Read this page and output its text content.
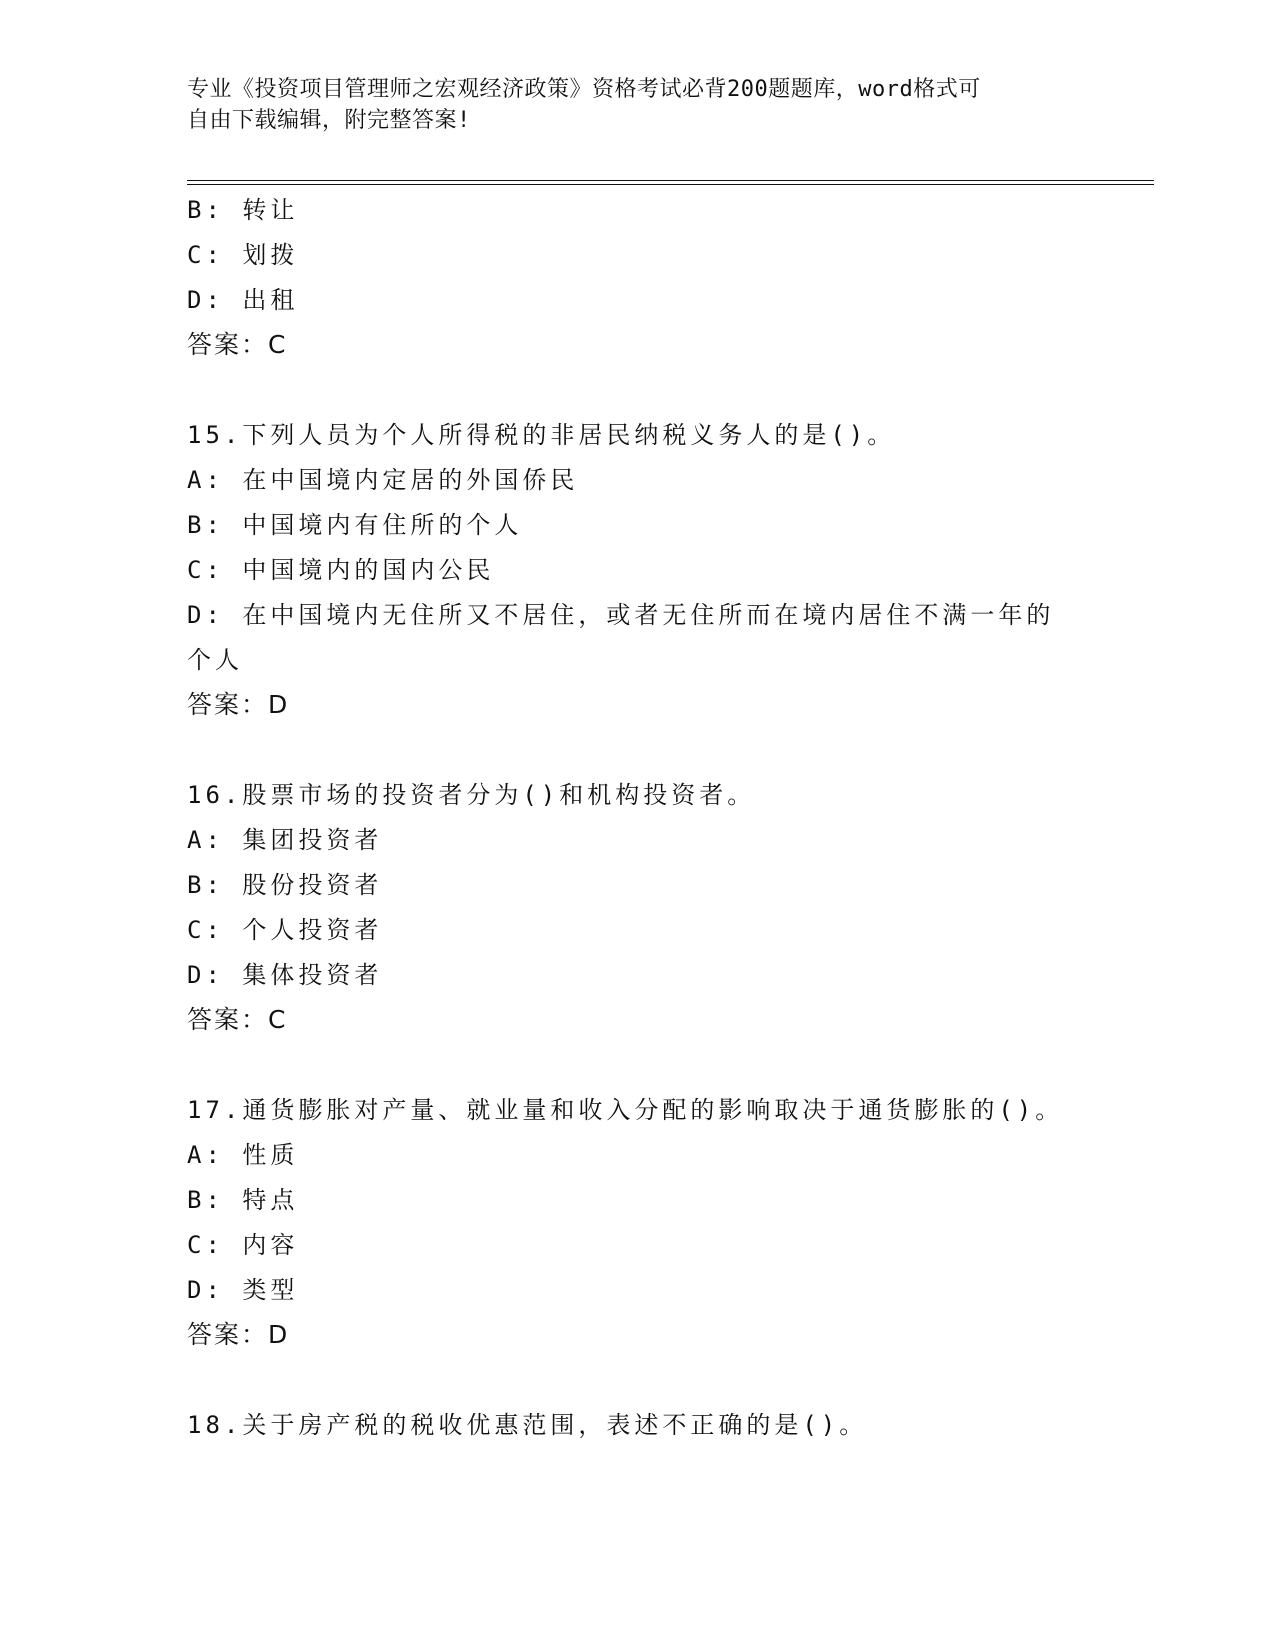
专业《投资项目管理师之宏观经济政策》资格考试必背200题题库，word格式可
自由下载编辑，附完整答案!
B: 转让
C: 划拨
D: 出租
答案：C
15.下列人员为个人所得税的非居民纳税义务人的是()。
A: 在中国境内定居的外国侨民
B: 中国境内有住所的个人
C: 中国境内的国内公民
D: 在中国境内无住所又不居住，或者无住所而在境内居住不满一年的
个人
答案：D
16.股票市场的投资者分为()和机构投资者。
A: 集团投资者
B: 股份投资者
C: 个人投资者
D: 集体投资者
答案：C
17.通货膨胀对产量、就业量和收入分配的影响取决于通货膨胀的()。
A: 性质
B: 特点
C: 内容
D: 类型
答案：D
18.关于房产税的税收优惠范围，表述不正确的是()。
